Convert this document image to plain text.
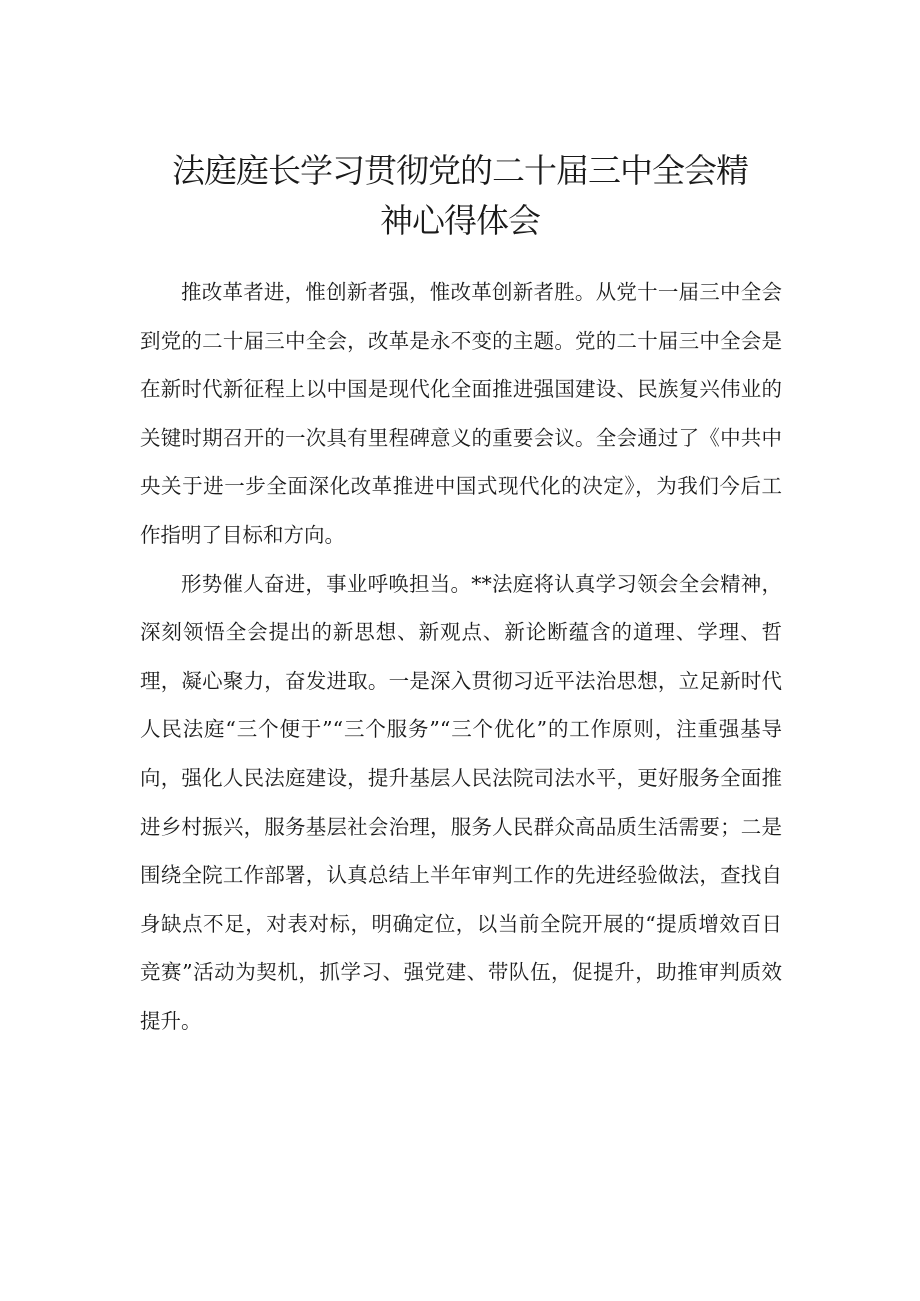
法庭庭长学习贯彻党的二十届三中全会精
神心得体会

推改革者进，惟创新者强，惟改革创新者胜。从党十一届三中全会到党的二十届三中全会，改革是永不变的主题。党的二十届三中全会是在新时代新征程上以中国是现代化全面推进强国建设、民族复兴伟业的关键时期召开的一次具有里程碑意义的重要会议。全会通过了《中共中央关于进一步全面深化改革推进中国式现代化的决定》，为我们今后工作指明了目标和方向。

形势催人奋进，事业呼唤担当。**法庭将认真学习领会全会精神，深刻领悟全会提出的新思想、新观点、新论断蕴含的道理、学理、哲理，凝心聚力，奋发进取。一是深入贯彻习近平法治思想，立足新时代人民法庭“三个便于”“三个服务”“三个优化”的工作原则，注重强基导向，强化人民法庭建设，提升基层人民法院司法水平，更好服务全面推进乡村振兴，服务基层社会治理，服务人民群众高品质生活需要；二是围绕全院工作部署，认真总结上半年审判工作的先进经验做法，查找自身缺点不足，对表对标，明确定位，以当前全院开展的“提质增效百日竞赛”活动为契机，抓学习、强党建、带队伍，促提升，助推审判质效提升。
